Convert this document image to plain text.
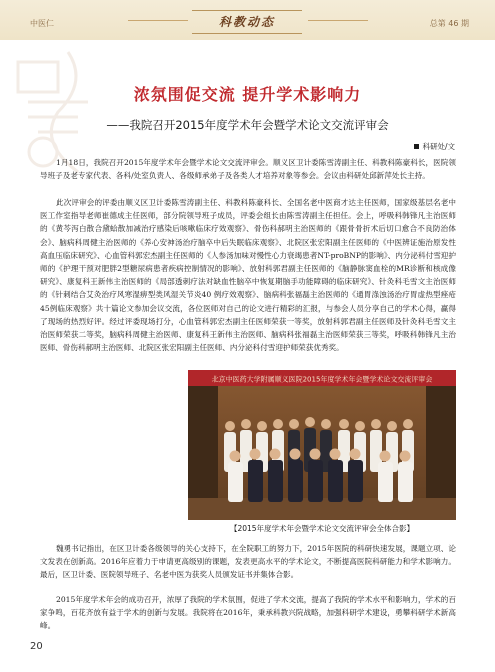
中医仁	科教动态	总第 46 期
浓氛围促交流 提升学术影响力
——我院召开2015年度学术年会暨学术论文交流评审会
科研处/文
1月18日，我院召开2015年度学术年会暨学术论文交流评审会。顺义区卫计委陈雪涛副主任、科教科陈豪科长，医院领导班子及老专家代表、各科/处室负责人、各级师承弟子及各类人才培养对象等参会。会议由科研处邱新萍处长主持。
此次评审会的评委由顺义区卫计委陈雪涛副主任、科教科陈豪科长、全国名老中医商才达主任医师，国家级基层名老中医工作室指导老师崔德成主任医师，部分院领导班子成员，评委会组长由陈雪涛副主任担任。会上，呼吸科韩锋凡主治医师的《黄芩泻白散合黛蛤散加减治疗感染后咳嗽临床疗效观察》、骨伤科郝明主治医师的《跟骨骨折术后切口愈合不良防治体会》、脑病科周健主治医师的《养心安神汤治疗脑卒中后失眠临床观察》、北院区张宏阳副主任医师的《中医辨证施治原发性高血压临床研究》、心血管科郭宏杰副主任医师的《人参汤加味对慢性心力衰竭患者NT-proBNP的影响》、内分泌科付雪迎护师的《护理干预对肥胖2型糖尿病患者疾病控制情况的影响》、放射科郭君副主任医师的《脑静脉窦血栓的MR诊断和核成像研究》、康复科王新伟主治医师的《局部透刺疗法对缺血性脑卒中恢复期脑手功能障碍的临床研究》、针灸科毛雪文主治医师的《针刺结合艾灸治疗风寒湿痹型类风湿关节炎40 例疗效观察》、脑病科张福磊主治医师的《通胃涤浊汤治疗胃虚热型痤疮45例临床观察》共十篇论文参加会议交流，各位医师对自己的论文进行精彩的汇报，与参会人员分享自己的学术心得，赢得了现场的热烈好评。经过评委现场打分，心血管科郭宏杰副主任医师荣获一等奖，放射科郭君副主任医师及针灸科毛雪文主治医师荣获二等奖，脑病科周健主治医师、康复科王新伟主治医师、脑病科张福磊主治医师荣获三等奖，呼吸科韩锋凡主治医师、骨伤科郝明主治医师、北院区张宏阳副主任医师、内分泌科付雪迎护师荣获优秀奖。
北京中医药大学附属顺义医院2015年度学术年会暨学术论文交流评审会
【2015年度学术年会暨学术论文交流评审会全体合影】
魏勇书记指出，在区卫计委各级领导的关心支持下，在全院职工的努力下，2015年医院的科研快速发展，课题立项、论文发表在创新高。2016年应着力于申请更高级别的课题，发表更高水平的学术论文，不断提高医院科研能力和学术影响力。最后，区卫计委、医院领导班子、名老中医为获奖人员颁发证书并集体合影。
2015年度学术年会的成功召开，浓厚了我院的学术氛围，促进了学术交流，提高了我院的学术水平和影响力，学术的百家争鸣，百花齐放有益于学术的创新与发展。我院将在2016年，秉承科教兴院战略，加强科研学术建设，勇攀科研学术新高峰。
20
